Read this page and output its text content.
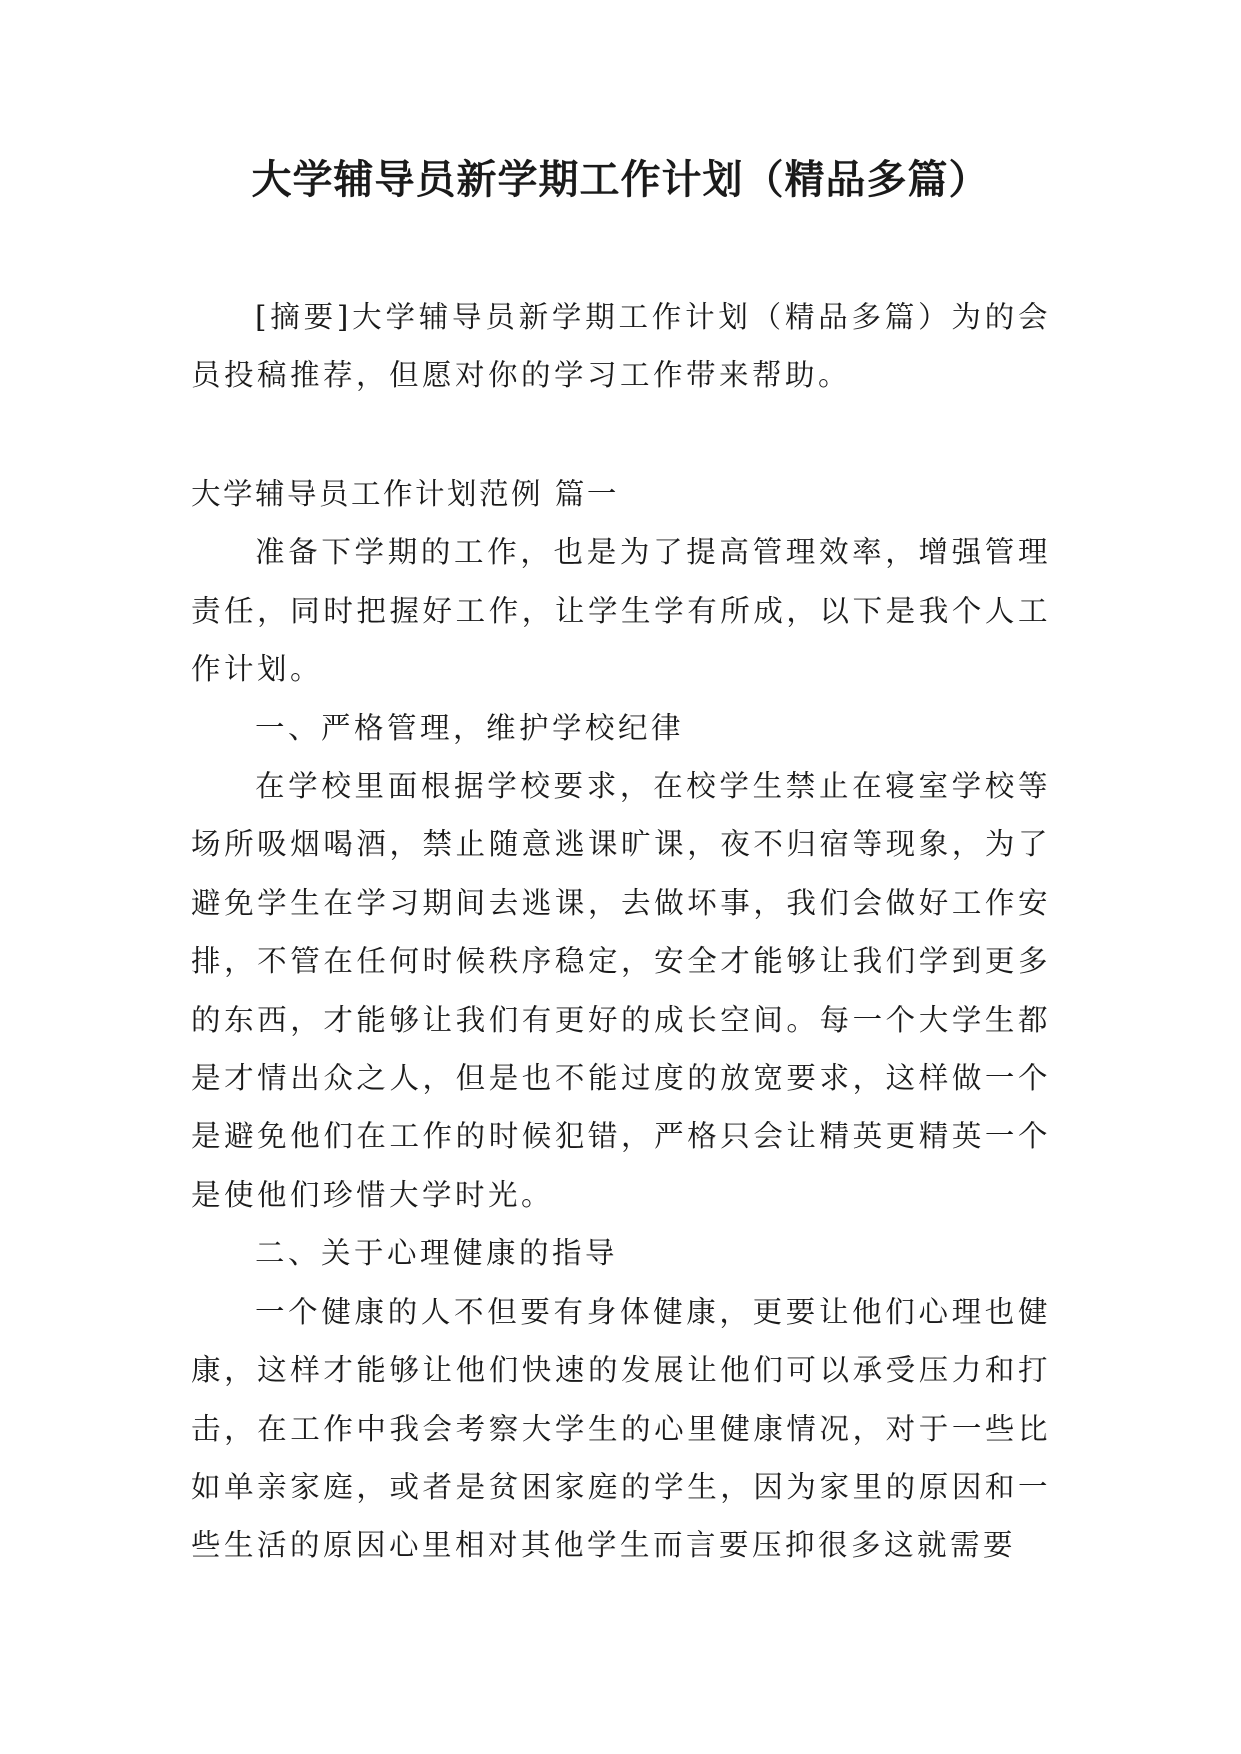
大学辅导员新学期工作计划（精品多篇）

[摘要]大学辅导员新学期工作计划（精品多篇）为的会员投稿推荐，但愿对你的学习工作带来帮助。

大学辅导员工作计划范例 篇一

准备下学期的工作，也是为了提高管理效率，增强管理责任，同时把握好工作，让学生学有所成，以下是我个人工作计划。

一、严格管理，维护学校纪律

在学校里面根据学校要求，在校学生禁止在寝室学校等场所吸烟喝酒，禁止随意逃课旷课，夜不归宿等现象，为了避免学生在学习期间去逃课，去做坏事，我们会做好工作安排，不管在任何时候秩序稳定，安全才能够让我们学到更多的东西，才能够让我们有更好的成长空间。每一个大学生都是才情出众之人，但是也不能过度的放宽要求，这样做一个是避免他们在工作的时候犯错，严格只会让精英更精英一个是使他们珍惜大学时光。

二、关于心理健康的指导

一个健康的人不但要有身体健康，更要让他们心理也健康，这样才能够让他们快速的发展让他们可以承受压力和打击，在工作中我会考察大学生的心里健康情况，对于一些比如单亲家庭，或者是贫困家庭的学生，因为家里的原因和一些生活的原因心里相对其他学生而言要压抑很多这就需要
